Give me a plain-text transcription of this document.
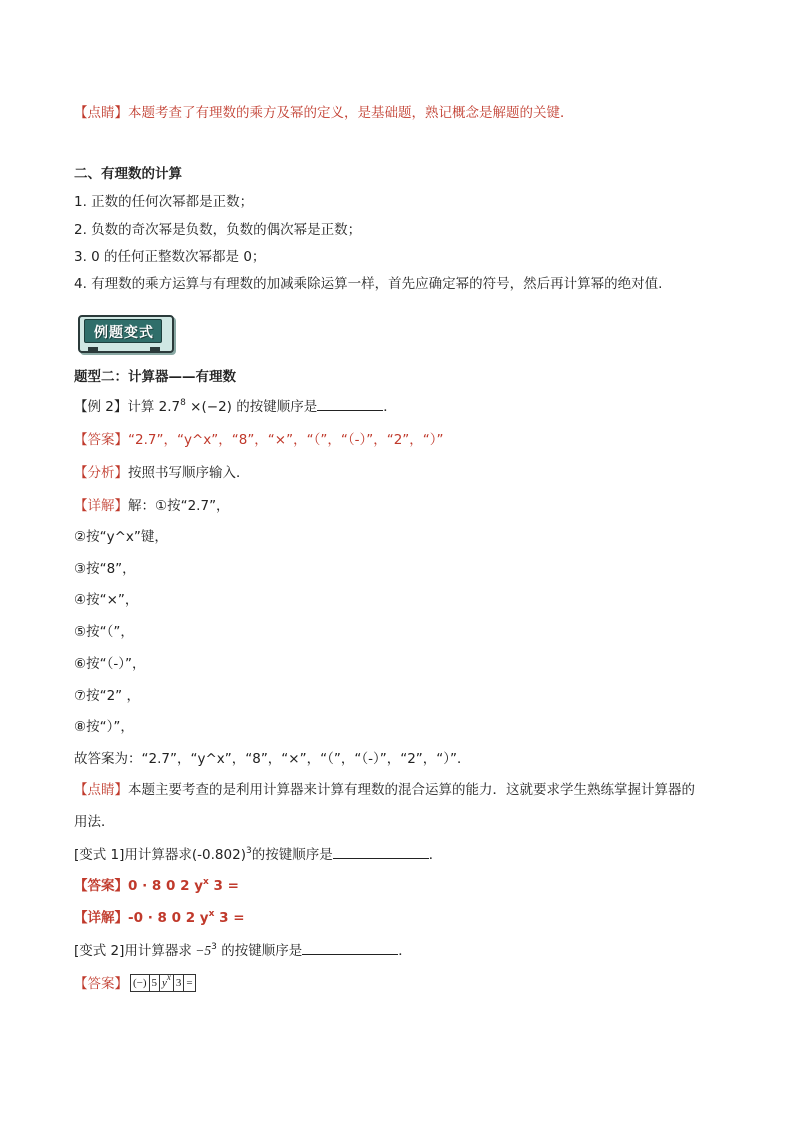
【点睛】本题考查了有理数的乘方及幂的定义，是基础题，熟记概念是解题的关键．
二、有理数的计算
1. 正数的任何次幂都是正数；
2. 负数的奇次幂是负数，负数的偶次幂是正数；
3. 0 的任何正整数次幂都是 0；
4. 有理数的乘方运算与有理数的加减乘除运算一样，首先应确定幂的符号，然后再计算幂的绝对值.
例题变式
题型二：计算器——有理数
【例 2】计算 $2.7^8 \times(-2)$ 的按键顺序是	．
【答案】“2.7”，“y^x”，“8”，“×”，“（”，“（-）”，“2”，“）”
【分析】按照书写顺序输入．
【详解】解：①按“2.7”，
②按“y^x”键，
③按“8”，
④按“×”，
⑤按“（”，
⑥按“（-）”，
⑦按“2” ，
⑧按“）”，
故答案为：“2.7”，“y^x”，“8”，“×”，“（”，“（-）”，“2”，“）”．
【点睛】本题主要考查的是利用计算器来计算有理数的混合运算的能力．这就要求学生熟练掌握计算器的
用法．
[变式 1]用计算器求$(-0.802)^3$的按键顺序是	．
【答案】0 · 8 0 2 $y^x$ 3 =
【详解】-0 · 8 0 2 $y^x$ 3 =
[变式 2]用计算器求 $-5^3$ 的按键顺序是	．
【答案】 (−) 5 $y^x$ 3 =
